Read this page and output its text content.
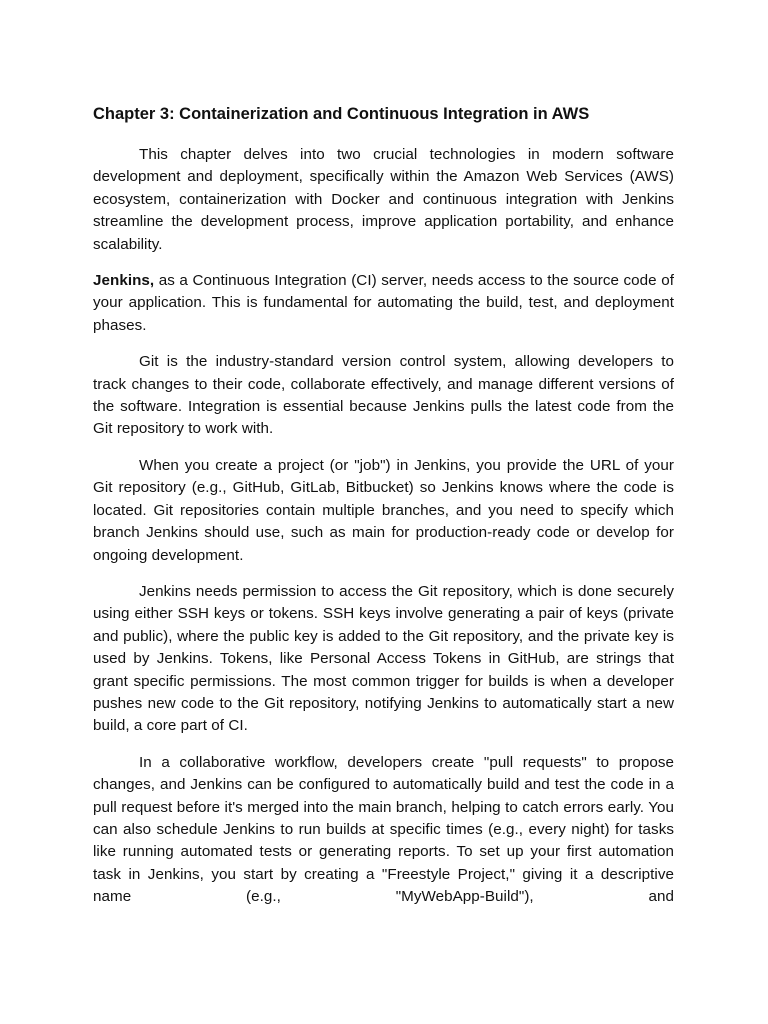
Chapter 3: Containerization and Continuous Integration in AWS

This chapter delves into two crucial technologies in modern software development and deployment, specifically within the Amazon Web Services (AWS) ecosystem, containerization with Docker and continuous integration with Jenkins streamline the development process, improve application portability, and enhance scalability.

Jenkins, as a Continuous Integration (CI) server, needs access to the source code of your application. This is fundamental for automating the build, test, and deployment phases.

Git is the industry-standard version control system, allowing developers to track changes to their code, collaborate effectively, and manage different versions of the software. Integration is essential because Jenkins pulls the latest code from the Git repository to work with.

When you create a project (or "job") in Jenkins, you provide the URL of your Git repository (e.g., GitHub, GitLab, Bitbucket) so Jenkins knows where the code is located. Git repositories contain multiple branches, and you need to specify which branch Jenkins should use, such as main for production-ready code or develop for ongoing development.

Jenkins needs permission to access the Git repository, which is done securely using either SSH keys or tokens. SSH keys involve generating a pair of keys (private and public), where the public key is added to the Git repository, and the private key is used by Jenkins. Tokens, like Personal Access Tokens in GitHub, are strings that grant specific permissions. The most common trigger for builds is when a developer pushes new code to the Git repository, notifying Jenkins to automatically start a new build, a core part of CI.

In a collaborative workflow, developers create "pull requests" to propose changes, and Jenkins can be configured to automatically build and test the code in a pull request before it's merged into the main branch, helping to catch errors early. You can also schedule Jenkins to run builds at specific times (e.g., every night) for tasks like running automated tests or generating reports. To set up your first automation task in Jenkins, you start by creating a "Freestyle Project," giving it a descriptive name (e.g., "MyWebApp-Build"), and
